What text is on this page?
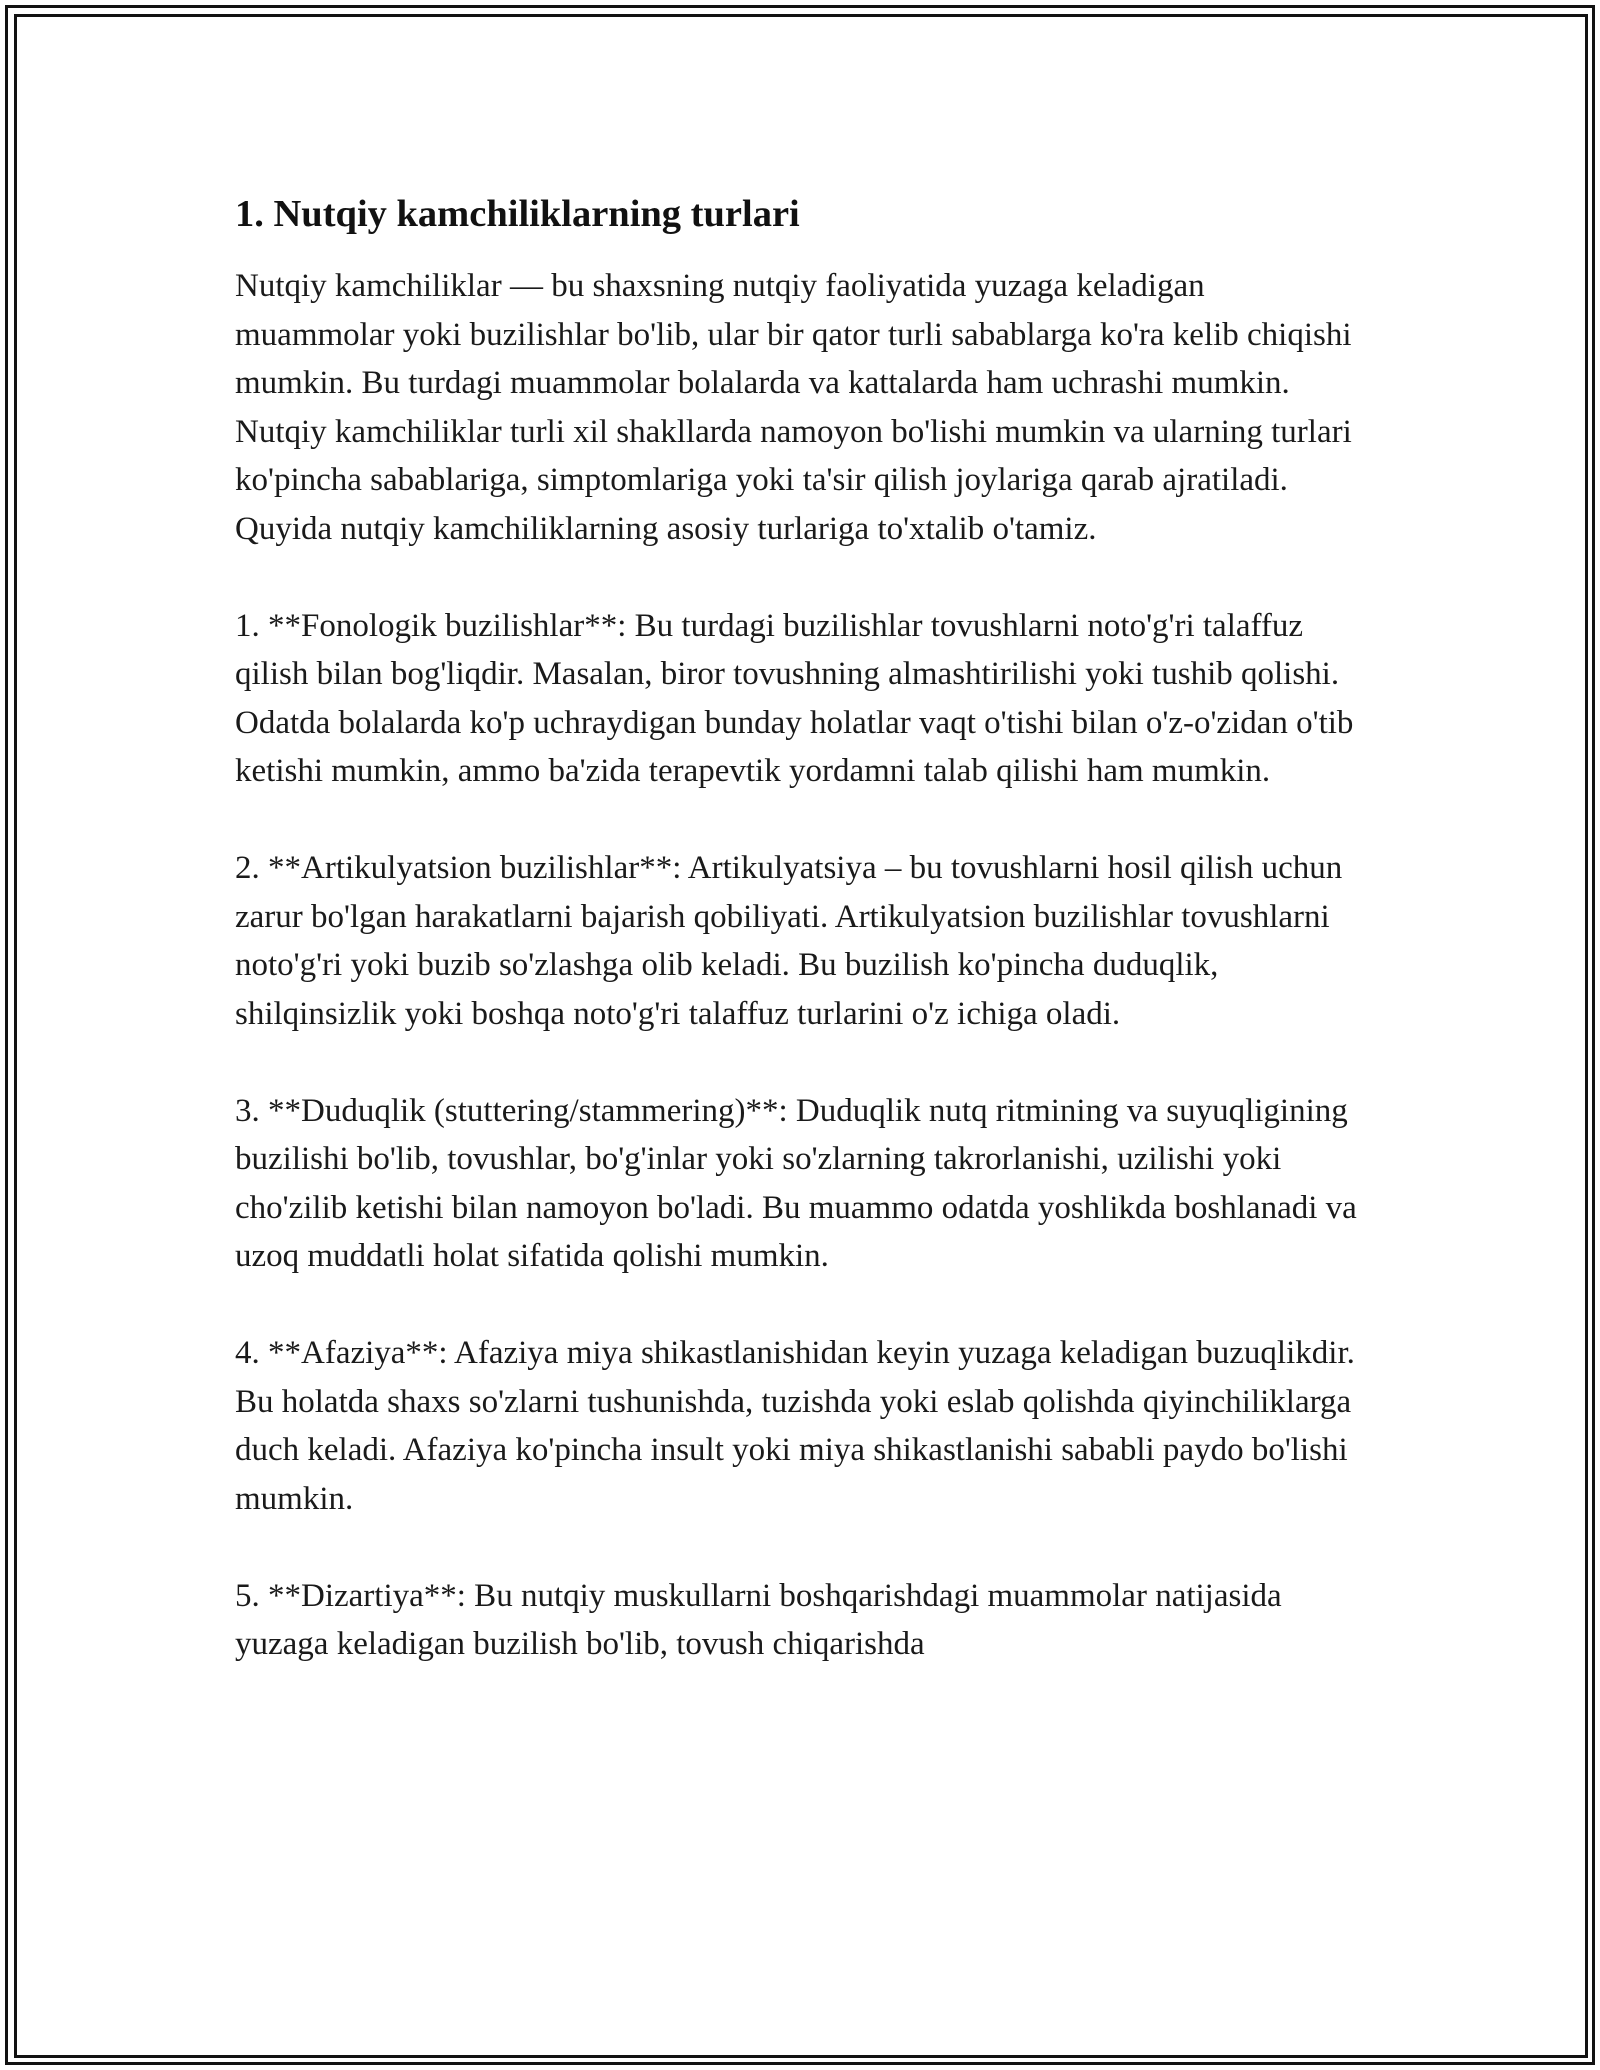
1. Nutqiy kamchiliklarning turlari

Nutqiy kamchiliklar — bu shaxsning nutqiy faoliyatida yuzaga keladigan muammolar yoki buzilishlar bo'lib, ular bir qator turli sabablarga ko'ra kelib chiqishi mumkin. Bu turdagi muammolar bolalarda va kattalarda ham uchrashi mumkin. Nutqiy kamchiliklar turli xil shakllarda namoyon bo'lishi mumkin va ularning turlari ko'pincha sabablariga, simptomlariga yoki ta'sir qilish joylariga qarab ajratiladi. Quyida nutqiy kamchiliklarning asosiy turlariga to'xtalib o'tamiz.

1. **Fonologik buzilishlar**: Bu turdagi buzilishlar tovushlarni noto'g'ri talaffuz qilish bilan bog'liqdir. Masalan, biror tovushning almashtirilishi yoki tushib qolishi. Odatda bolalarda ko'p uchraydigan bunday holatlar vaqt o'tishi bilan o'z-o'zidan o'tib ketishi mumkin, ammo ba'zida terapevtik yordamni talab qilishi ham mumkin.

2. **Artikulyatsion buzilishlar**: Artikulyatsiya – bu tovushlarni hosil qilish uchun zarur bo'lgan harakatlarni bajarish qobiliyati. Artikulyatsion buzilishlar tovushlarni noto'g'ri yoki buzib so'zlashga olib keladi. Bu buzilish ko'pincha duduqlik, shilqinsizlik yoki boshqa noto'g'ri talaffuz turlarini o'z ichiga oladi.

3. **Duduqlik (stuttering/stammering)**: Duduqlik nutq ritmining va suyuqligining buzilishi bo'lib, tovushlar, bo'g'inlar yoki so'zlarning takrorlanishi, uzilishi yoki cho'zilib ketishi bilan namoyon bo'ladi. Bu muammo odatda yoshlikda boshlanadi va uzoq muddatli holat sifatida qolishi mumkin.

4. **Afaziya**: Afaziya miya shikastlanishidan keyin yuzaga keladigan buzuqlikdir. Bu holatda shaxs so'zlarni tushunishda, tuzishda yoki eslab qolishda qiyinchiliklarga duch keladi. Afaziya ko'pincha insult yoki miya shikastlanishi sababli paydo bo'lishi mumkin.

5. **Dizartiya**: Bu nutqiy muskullarni boshqarishdagi muammolar natijasida yuzaga keladigan buzilish bo'lib, tovush chiqarishda
